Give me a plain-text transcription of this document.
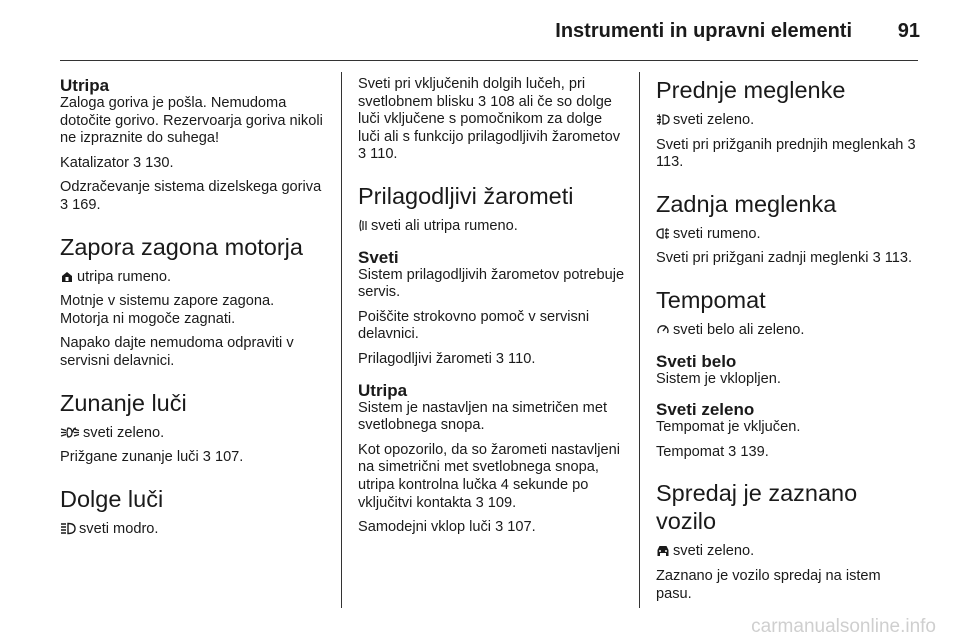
Instrumenti in upravni elementi 91
Utripa

Zaloga goriva je pošla. Nemudoma dotočite gorivo. Rezervoarja goriva nikoli ne izpraznite do suhega!

Katalizator 3 130.

Odzračevanje sistema dizelskega goriva 3 169.

Zapora zagona motorja

utripa rumeno.

Motnje v sistemu zapore zagona. Motorja ni mogoče zagnati.

Napako dajte nemudoma odpraviti v servisni delavnici.

Zunanje luči

sveti zeleno.

Prižgane zunanje luči 3 107.

Dolge luči

sveti modro.

Sveti pri vključenih dolgih lučeh, pri svetlobnem blisku 3 108 ali če so dolge luči vključene s pomočnikom za dolge luči ali s funkcijo prilagodljivih žarometov 3 110.

Prilagodljivi žarometi

sveti ali utripa rumeno.

Sveti

Sistem prilagodljivih žarometov potrebuje servis.

Poiščite strokovno pomoč v servisni delavnici.

Prilagodljivi žarometi 3 110.

Utripa

Sistem je nastavljen na simetričen met svetlobnega snopa.

Kot opozorilo, da so žarometi nastavljeni na simetrični met svetlobnega snopa, utripa kontrolna lučka 4 sekunde po vključitvi kontakta 3 109.

Samodejni vklop luči 3 107.

Prednje meglenke

sveti zeleno.

Sveti pri prižganih prednjih meglenkah 3 113.

Zadnja meglenka

sveti rumeno.

Sveti pri prižgani zadnji meglenki 3 113.

Tempomat

sveti belo ali zeleno.

Sveti belo

Sistem je vklopljen.

Sveti zeleno

Tempomat je vključen.

Tempomat 3 139.

Spredaj je zaznano vozilo

sveti zeleno.

Zaznano je vozilo spredaj na istem pasu.

carmanualsonline.info
